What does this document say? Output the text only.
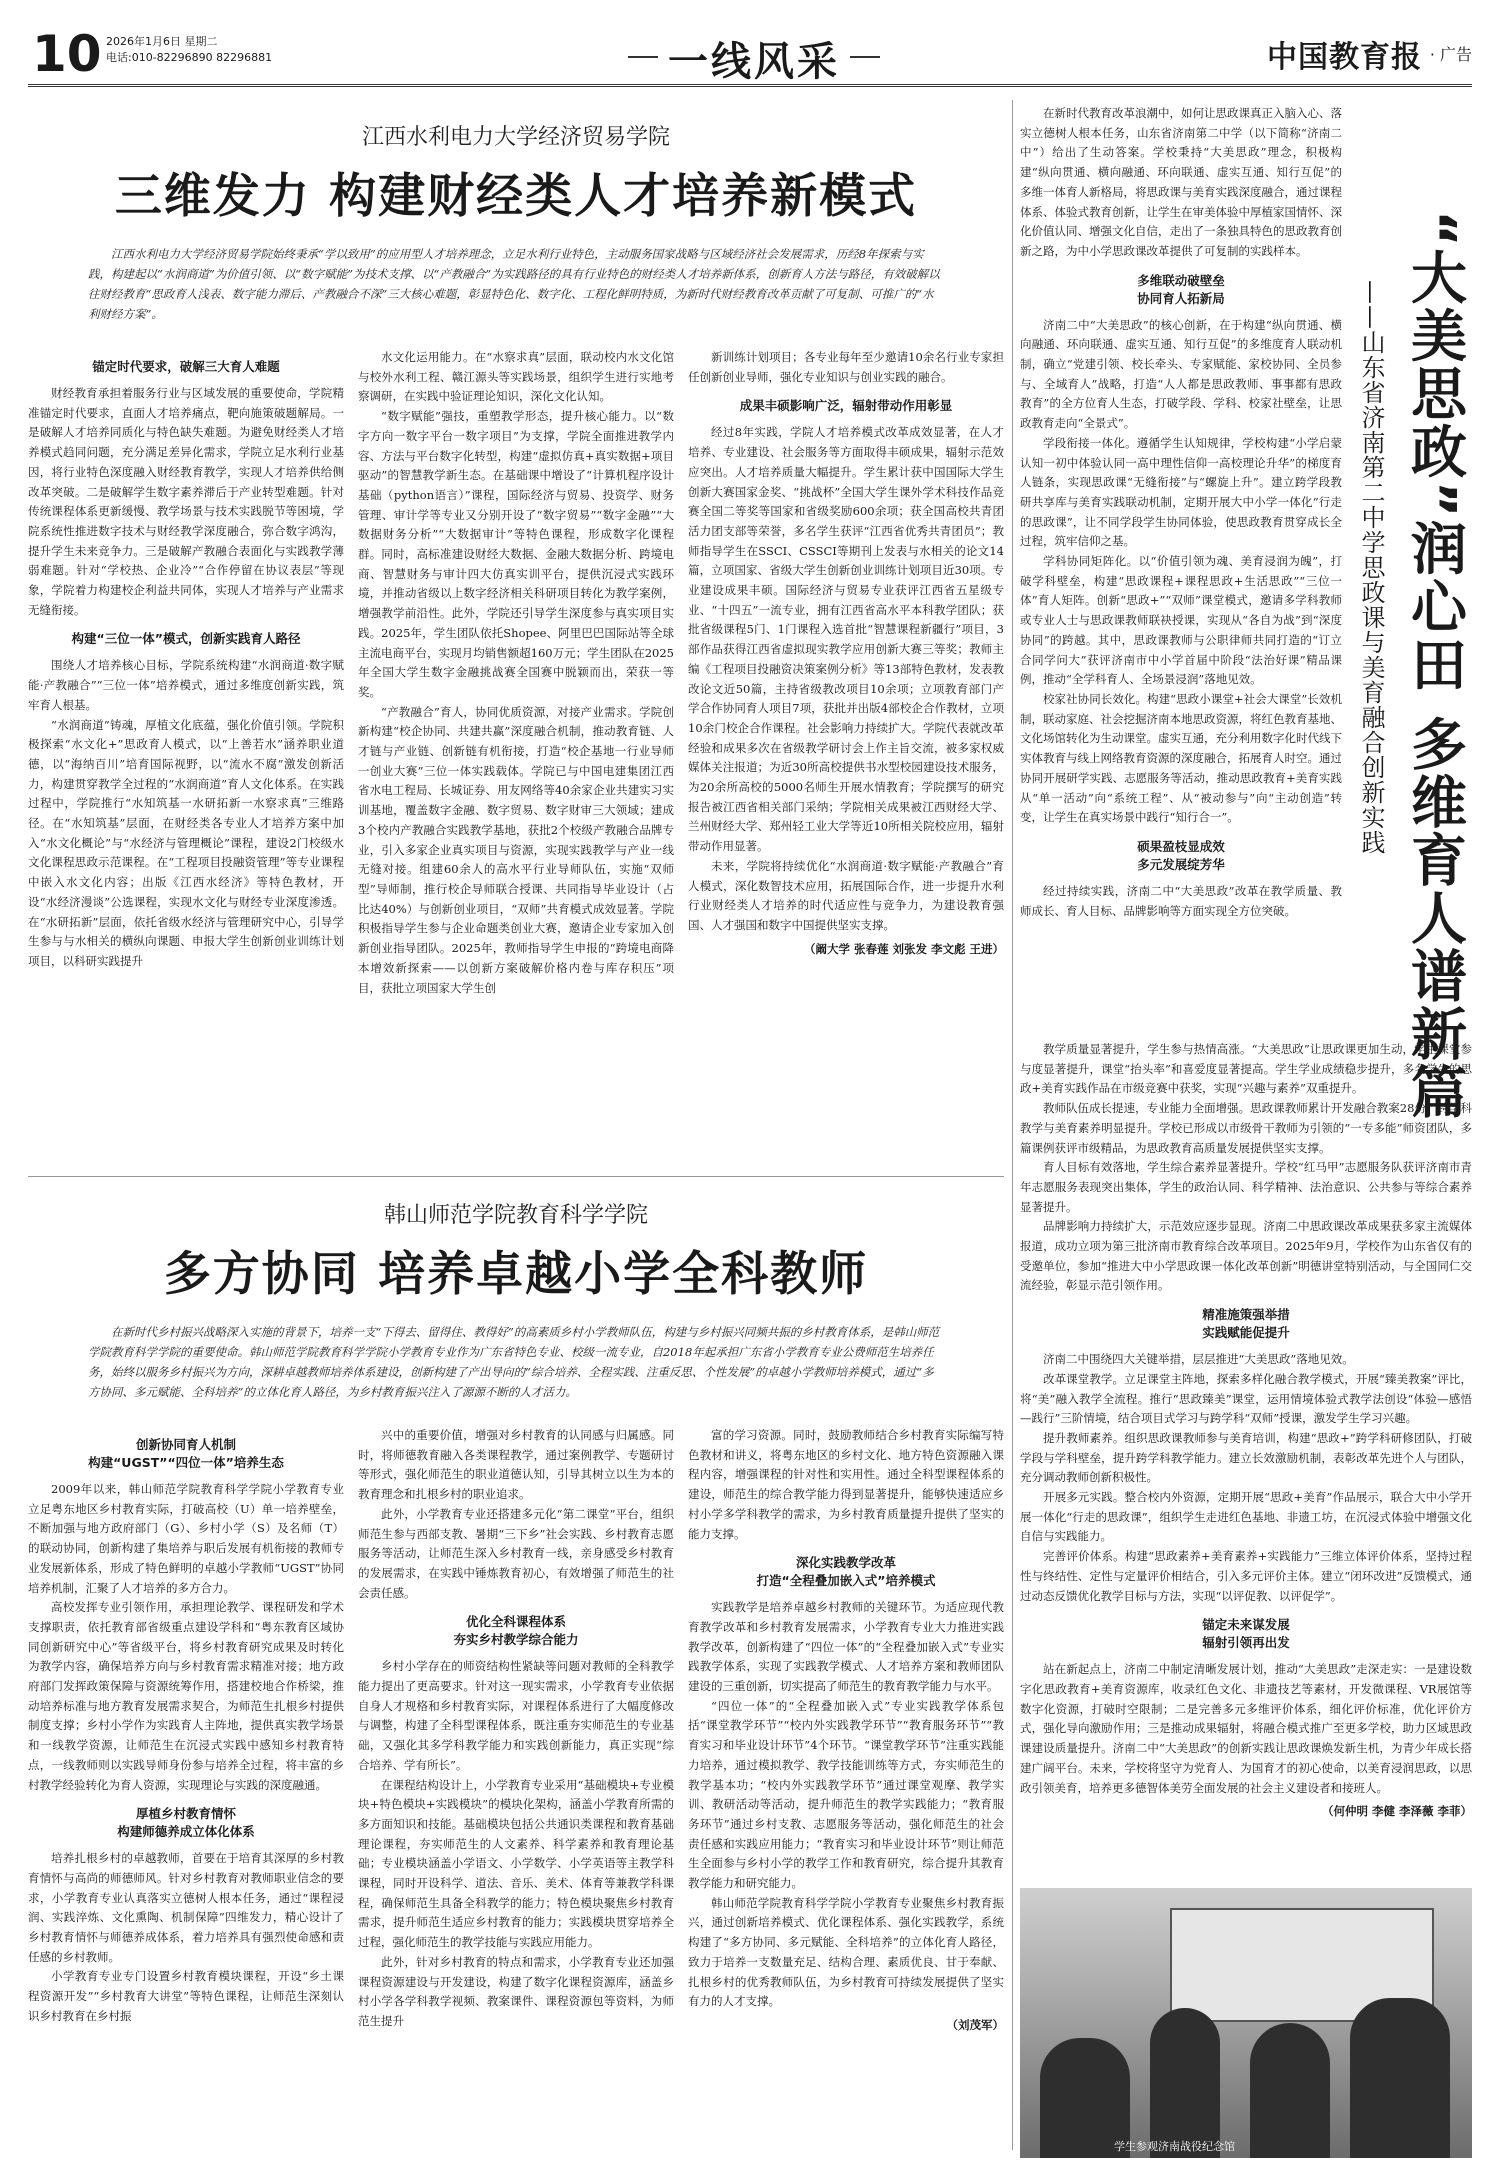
10 2026年1月6日 星期二
电话:010-82296890 82296881	一线风采	中国教育报 · 广告
江西水利电力大学经济贸易学院
三维发力 构建财经类人才培养新模式
江西水利电力大学经济贸易学院始终秉承“学以致用”的应用型人才培养理念，立足水利行业特色，主动服务国家战略与区域经济社会发展需求，历经8年探索与实践，构建起以“水润商道”为价值引领、以“数字赋能”为技术支撑、以“产教融合”为实践路径的具有行业特色的财经类人才培养新体系，创新育人方法与路径，有效破解以往财经教育“思政育人浅表、数字能力滞后、产教融合不深”三大核心难题，彰显特色化、数字化、工程化鲜明特质，为新时代财经教育改革贡献了可复制、可推广的“水利财经方案”。
锚定时代要求，破解三大育人难题

财经教育承担着服务行业与区域发展的重要使命，学院精准锚定时代要求，直面人才培养痛点，靶向施策破题解局。一是破解人才培养同质化与特色缺失难题。为避免财经类人才培养模式趋同问题，充分满足差异化需求，学院立足水利行业基因，将行业特色深度融入财经教育教学，实现人才培养供给侧改革突破。二是破解学生数字素养滞后于产业转型难题。针对传统课程体系更新缓慢、教学场景与技术实践脱节等困境，学院系统性推进数字技术与财经教学深度融合，弥合数字鸿沟，提升学生未来竞争力。三是破解产教融合表面化与实践教学薄弱难题。针对“学校热、企业冷”“合作停留在协议表层”等现象，学院着力构建校企利益共同体，实现人才培养与产业需求无缝衔接。

构建“三位一体”模式，创新实践育人路径

围绕人才培养核心目标，学院系统构建“水润商道·数字赋能·产教融合”“三位一体”培养模式，通过多维度创新实践，筑牢育人根基。

“水润商道”铸魂，厚植文化底蕴，强化价值引领。学院积极探索“水文化+”思政育人模式，以“上善若水”涵养职业道德，以“海纳百川”培育国际视野，以“流水不腐”激发创新活力，构建贯穿教学全过程的“水润商道”育人文化体系。在实践过程中，学院推行“水知筑基一水研拓新一水察求真”三维路径。在“水知筑基”层面，在财经类各专业人才培养方案中加入“水文化概论”与“水经济与管理概论”课程，建设2门校级水文化课程思政示范课程。在“工程项目投融资管理”等专业课程中嵌入水文化内容；出版《江西水经济》等特色教材，开设“水经济漫谈”公选课程，实现水文化与财经专业深度渗透。在“水研拓新”层面，依托省级水经济与管理研究中心，引导学生参与与水相关的横纵向课题、申报大学生创新创业训练计划项目，以科研实践提升

水文化运用能力。在“水察求真”层面，联动校内水文化馆与校外水利工程、赣江源头等实践场景，组织学生进行实地考察调研，在实践中验证理论知识，深化文化认知。

“数字赋能”强技，重塑教学形态，提升核心能力。以“数字方向一数字平台一数字项目”为支撑，学院全面推进教学内容、方法与平台数字化转型，构建“虚拟仿真+真实数据+项目驱动”的智慧教学新生态。在基础课中增设了“计算机程序设计基础（python语言）”课程，国际经济与贸易、投资学、财务管理、审计学等专业又分别开设了“数字贸易”“数字金融”“大数据财务分析”“大数据审计”等特色课程，形成数字化课程群。同时，高标准建设财经大数据、金融大数据分析、跨境电商、智慧财务与审计四大仿真实训平台，提供沉浸式实践环境，并推动省级以上数字经济相关科研项目转化为教学案例，增强教学前沿性。此外，学院还引导学生深度参与真实项目实践。2025年，学生团队依托Shopee、阿里巴巴国际站等全球主流电商平台，实现月均销售额超160万元；学生团队在2025年全国大学生数字金融挑战赛全国赛中脱颖而出，荣获一等奖。

“产教融合”育人，协同优质资源，对接产业需求。学院创新构建“校企协同、共建共赢”深度融合机制，推动教育链、人才链与产业链、创新链有机衔接，打造“校企基地一行业导师一创业大赛”三位一体实践载体。学院已与中国电建集团江西省水电工程局、长城证券、用友网络等40余家企业共建实习实训基地，覆盖数字金融、数字贸易、数字财审三大领域；建成3个校内产教融合实践教学基地，获批2个校级产教融合品牌专业，引入多家企业真实项目与资源，实现实践教学与产业一线无缝对接。组建60余人的高水平行业导师队伍，实施“双师型”导师制，推行校企导师联合授课、共同指导毕业设计（占比达40%）与创新创业项目，“双师”共育模式成效显著。学院积极指导学生参与企业命题类创业大赛，邀请企业专家加入创新创业指导团队。2025年，教师指导学生申报的“跨境电商降本增效新探索——以创新方案破解价格内卷与库存积压”项目，获批立项国家大学生创

新训练计划项目；各专业每年至少邀请10余名行业专家担任创新创业导师，强化专业知识与创业实践的融合。

成果丰硕影响广泛，辐射带动作用彰显

经过8年实践，学院人才培养模式改革成效显著，在人才培养、专业建设、社会服务等方面取得丰硕成果，辐射示范效应突出。人才培养质量大幅提升。学生累计获中国国际大学生创新大赛国家金奖、“挑战杯”全国大学生课外学术科技作品竞赛全国二等奖等国家和省级奖励600余项；获全国高校共青团活力团支部等荣誉，多名学生获评“江西省优秀共青团员”；教师指导学生在SSCI、CSSCI等期刊上发表与水相关的论文14篇，立项国家、省级大学生创新创业训练计划项目近30项。专业建设成果丰硕。国际经济与贸易专业获评江西省五星级专业、“十四五”一流专业，拥有江西省高水平本科教学团队；获批省级课程5门、1门课程入选首批“智慧课程新疆行”项目，3部作品获得江西省虚拟现实教学应用创新大赛三等奖；教师主编《工程项目投融资决策案例分析》等13部特色教材，发表教改论文近50篇，主持省级教改项目10余项；立项教育部门产学合作协同育人项目7项，获批并出版4部校企合作教材，立项10余门校企合作课程。社会影响力持续扩大。学院代表就改革经验和成果多次在省级教学研讨会上作主旨交流，被多家权威媒体关注报道；为近30所高校提供书水型校园建设技术服务，为20余所高校的5000名师生开展水情教育；学院撰写的研究报告被江西省相关部门采纳；学院相关成果被江西财经大学、兰州财经大学、郑州轻工业大学等近10所相关院校应用，辐射带动作用显著。

未来，学院将持续优化“水润商道·数字赋能·产教融合”育人模式，深化数智技术应用，拓展国际合作，进一步提升水利行业财经类人才培养的时代适应性与竞争力，为建设教育强国、人才强国和数字中国提供坚实支撑。

（阚大学 张春莲 刘张发 李文彪 王进）
韩山师范学院教育科学学院
多方协同 培养卓越小学全科教师
在新时代乡村振兴战略深入实施的背景下，培养一支“下得去、留得住、教得好”的高素质乡村小学教师队伍，构建与乡村振兴同频共振的乡村教育体系，是韩山师范学院教育科学学院的重要使命。韩山师范学院教育科学学院小学教育专业作为广东省特色专业、校级一流专业，自2018年起承担广东省小学教育专业公费师范生培养任务，始终以服务乡村振兴为方向，深耕卓越教师培养体系建设，创新构建了产出导向的“综合培养、全程实践、注重反思、个性发展”的卓越小学教师培养模式，通过“多方协同、多元赋能、全科培养”的立体化育人路径，为乡村教育振兴注入了源源不断的人才活力。
创新协同育人机制
构建“UGST”“四位一体”培养生态

2009年以来，韩山师范学院教育科学学院小学教育专业立足粤东地区乡村教育实际，打破高校（U）单一培养壁垒，不断加强与地方政府部门（G）、乡村小学（S）及名师（T）的联动协同，创新构建了集培养与职后发展有机衔接的教师专业发展新体系，形成了特色鲜明的卓越小学教师“UGST”协同培养机制，汇聚了人才培养的多方合力。

高校发挥专业引领作用，承担理论教学、课程研发和学术支撑职责，依托教育部省级重点建设学科和“粤东教育区域协同创新研究中心”等省级平台，将乡村教育研究成果及时转化为教学内容，确保培养方向与乡村教育需求精准对接；地方政府部门发挥政策保障与资源统筹作用，搭建校地合作桥梁，推动培养标准与地方教育发展需求契合，为师范生扎根乡村提供制度支撑；乡村小学作为实践育人主阵地，提供真实教学场景和一线教学资源，让师范生在沉浸式实践中感知乡村教育特点，一线教师则以实践导师身份参与培养全过程，将丰富的乡村教学经验转化为育人资源，实现理论与实践的深度融通。

厚植乡村教育情怀
构建师德养成立体化体系

培养扎根乡村的卓越教师，首要在于培育其深厚的乡村教育情怀与高尚的师德师风。针对乡村教育对教师职业信念的要求，小学教育专业认真落实立德树人根本任务，通过“课程浸润、实践淬炼、文化熏陶、机制保障”四维发力，精心设计了乡村教育情怀与师德养成体系，着力培养具有强烈使命感和责任感的乡村教师。

小学教育专业专门设置乡村教育模块课程，开设“乡土课程资源开发”“乡村教育大讲堂”等特色课程，让师范生深刻认识乡村教育在乡村振

兴中的重要价值，增强对乡村教育的认同感与归属感。同时，将师德教育融入各类课程教学，通过案例教学、专题研讨等形式，强化师范生的职业道德认知，引导其树立以生为本的教育理念和扎根乡村的职业追求。

此外，小学教育专业还搭建多元化“第二课堂”平台，组织师范生参与西部支教、暑期“三下乡”社会实践、乡村教育志愿服务等活动，让师范生深入乡村教育一线，亲身感受乡村教育的发展需求，在实践中锤炼教育初心，有效增强了师范生的社会责任感。

优化全科课程体系
夯实乡村教学综合能力

乡村小学存在的师资结构性紧缺等问题对教师的全科教学能力提出了更高要求。针对这一现实需求，小学教育专业依据自身人才规格和乡村教育实际，对课程体系进行了大幅度修改与调整，构建了全科型课程体系，既注重夯实师范生的专业基础，又强化其多学科教学能力和实践创新能力，真正实现“综合培养、学有所长”。

在课程结构设计上，小学教育专业采用“基础模块+专业模块+特色模块+实践模块”的模块化架构，涵盖小学教育所需的多方面知识和技能。基础模块包括公共通识类课程和教育基础理论课程，夯实师范生的人文素养、科学素养和教育理论基础；专业模块涵盖小学语文、小学数学、小学英语等主教学科课程，同时开设科学、道法、音乐、美术、体育等兼教学科课程，确保师范生具备全科教学的能力；特色模块聚焦乡村教育需求，提升师范生适应乡村教育的能力；实践模块贯穿培养全过程，强化师范生的教学技能与实践应用能力。

此外，针对乡村教育的特点和需求，小学教育专业还加强课程资源建设与开发建设，构建了数字化课程资源库，涵盖乡村小学各学科教学视频、教案课件、课程资源包等资料，为师范生提升

富的学习资源。同时，鼓励教师结合乡村教育实际编写特色教材和讲义，将粤东地区的乡村文化、地方特色资源融入课程内容，增强课程的针对性和实用性。通过全科型课程体系的建设，师范生的综合教学能力得到显著提升，能够快速适应乡村小学多学科教学的需求，为乡村教育质量提升提供了坚实的能力支撑。

深化实践教学改革
打造“全程叠加嵌入式”培养模式

实践教学是培养卓越乡村教师的关键环节。为适应现代教育教学改革和乡村教育发展需求，小学教育专业大力推进实践教学改革，创新构建了“四位一体”的“全程叠加嵌入式”专业实践教学体系，实现了实践教学模式、人才培养方案和教师团队建设的三重创新，切实提高了师范生的教育教学能力与水平。

“四位一体”的“全程叠加嵌入式”专业实践教学体系包括“课堂教学环节”“校内外实践教学环节”“教育服务环节”“教育实习和毕业设计环节”4个环节。“课堂教学环节”注重实践能力培养，通过模拟教学、教学技能训练等方式，夯实师范生的教学基本功；“校内外实践教学环节”通过课堂观摩、教学实训、教研活动等活动，提升师范生的教学实践能力；“教育服务环节”通过乡村支教、志愿服务等活动，强化师范生的社会责任感和实践应用能力；“教育实习和毕业设计环节”则让师范生全面参与乡村小学的教学工作和教育研究，综合提升其教育教学能力和研究能力。

韩山师范学院教育科学学院小学教育专业聚焦乡村教育振兴，通过创新培养模式、优化课程体系、强化实践教学，系统构建了“多方协同、多元赋能、全科培养”的立体化育人路径，致力于培养一支数量充足、结构合理、素质优良、甘于奉献、扎根乡村的优秀教师队伍，为乡村教育可持续发展提供了坚实有力的人才支撑。

（刘茂军）
“大美思政”润心田 多维育人谱新篇
——山东省济南第二中学思政课与美育融合创新实践

在新时代教育改革浪潮中，如何让思政课真正入脑入心、落实立德树人根本任务，山东省济南第二中学（以下简称“济南二中”）给出了生动答案。学校秉持“大美思政”理念，积极构建“纵向贯通、横向融通、环向联通、虚实互通、知行互促”的多维一体育人新格局，将思政课与美育实践深度融合，通过课程体系、体验式教育创新，让学生在审美体验中厚植家国情怀、深化价值认同、增强文化自信，走出了一条独具特色的思政教育创新之路，为中小学思政课改革提供了可复制的实践样本。

多维联动破壁垒
协同育人拓新局

济南二中“大美思政”的核心创新，在于构建“纵向贯通、横向融通、环向联通、虚实互通、知行互促”的多维度育人联动机制，确立“党建引领、校长牵头、专家赋能、家校协同、全员参与、全域育人”战略，打造“人人都是思政教师、事事都有思政教育”的全方位育人生态，打破学段、学科、校家社壁垒，让思政教育走向“全景式”。

学段衔接一体化。遵循学生认知规律，学校构建“小学启蒙认知一初中体验认同一高中理性信仰一高校理论升华”的梯度育人链条，实现思政课“无缝衔接”与“螺旋上升”。建立跨学段教研共享库与美育实践联动机制，定期开展大中小学一体化“行走的思政课”，让不同学段学生协同体验，使思政教育贯穿成长全过程，筑牢信仰之基。

学科协同矩阵化。以“价值引领为魂、美育浸润为魄”，打破学科壁垒，构建“思政课程+课程思政+生活思政”“三位一体”育人矩阵。创新“思政+”“双师”课堂模式，邀请多学科教师或专业人士与思政课教师联袂授课，实现从“各自为战”到“深度协同”的跨越。其中，思政课教师与公职律师共同打造的“订立合同学问大”获评济南市中小学首届中阶段“法治好课”精品课例，推动“全学科育人、全场景浸润”落地见效。

校家社协同长效化。构建“思政小课堂+社会大课堂”长效机制，联动家庭、社会挖掘济南本地思政资源，将红色教育基地、文化场馆转化为生动课堂。虚实互通，充分利用数字化时代线下实体教育与线上网络教育资源的深度融合，拓展育人时空。通过协同开展研学实践、志愿服务等活动，推动思政教育+美育实践从“单一活动”向“系统工程”、从“被动参与”向“主动创造”转变，让学生在真实场景中践行“知行合一”。

硕果盈枝显成效
多元发展绽芳华

经过持续实践，济南二中“大美思政”改革在教学质量、教师成长、育人目标、品牌影响等方面实现全方位突破。

教学质量显著提升，学生参与热情高涨。“大美思政”让思政课更加生动，学生课堂参与度显著提升，课堂“抬头率”和喜爱度显著提高。学生学业成绩稳步提升，多名学生的思政+美育实践作品在市级竞赛中获奖，实现“兴趣与素养”双重提升。

教师队伍成长提速，专业能力全面增强。思政课教师累计开发融合教案28份，跨学科教学与美育素养明显提升。学校已形成以市级骨干教师为引领的“一专多能”师资团队，多篇课例获评市级精品，为思政教育高质量发展提供坚实支撑。

育人目标有效落地，学生综合素养显著提升。学校“红马甲”志愿服务队获评济南市青年志愿服务表现突出集体，学生的政治认同、科学精神、法治意识、公共参与等综合素养显著提升。

品牌影响力持续扩大，示范效应逐步显现。济南二中思政课改革成果获多家主流媒体报道，成功立项为第三批济南市教育综合改革项目。2025年9月，学校作为山东省仅有的受邀单位，参加“推进大中小学思政课一体化改革创新”明德讲堂特别活动，与全国同仁交流经验，彰显示范引领作用。

精准施策强举措
实践赋能促提升

济南二中围绕四大关键举措，层层推进“大美思政”落地见效。

改革课堂教学。立足课堂主阵地，探索多样化融合教学模式，开展“臻美教案”评比，将“美”融入教学全流程。推行“思政臻美”课堂，运用情境体验式教学法创设“体验—感悟—践行”三阶情境，结合项目式学习与跨学科“双师”授课，激发学生学习兴趣。

提升教师素养。组织思政课教师参与美育培训，构建“思政+”跨学科研修团队，打破学段与学科壁垒，提升跨学科教学能力。建立长效激励机制，表彰改革先进个人与团队，充分调动教师创新积极性。

开展多元实践。整合校内外资源，定期开展“思政+美育”作品展示，联合大中小学开展一体化“行走的思政课”，组织学生走进红色基地、非遗工坊，在沉浸式体验中增强文化自信与实践能力。

完善评价体系。构建“思政素养+美育素养+实践能力”三维立体评价体系，坚持过程性与终结性、定性与定量评价相结合，引入多元评价主体。建立“闭环改进”反馈模式，通过动态反馈优化教学目标与方法，实现“以评促教、以评促学”。

锚定未来谋发展
辐射引领再出发

站在新起点上，济南二中制定清晰发展计划，推动“大美思政”走深走实：一是建设数字化思政教育+美育资源库，收录红色文化、非遗技艺等素材，开发微课程、VR展馆等数字化资源，打破时空限制；二是完善多元多维评价体系，细化评价标准，优化评价方式，强化导向激励作用；三是推动成果辐射，将融合模式推广至更多学校，助力区域思政课建设质量提升。济南二中“大美思政”的创新实践让思政课焕发新生机，为青少年成长搭建广阔平台。未来，学校将坚守为党育人、为国育才的初心使命，以美育浸润思政，以思政引领美育，培养更多德智体美劳全面发展的社会主义建设者和接班人。

（何仲明 李健 李泽薇 李菲）
学生参观济南战役纪念馆
